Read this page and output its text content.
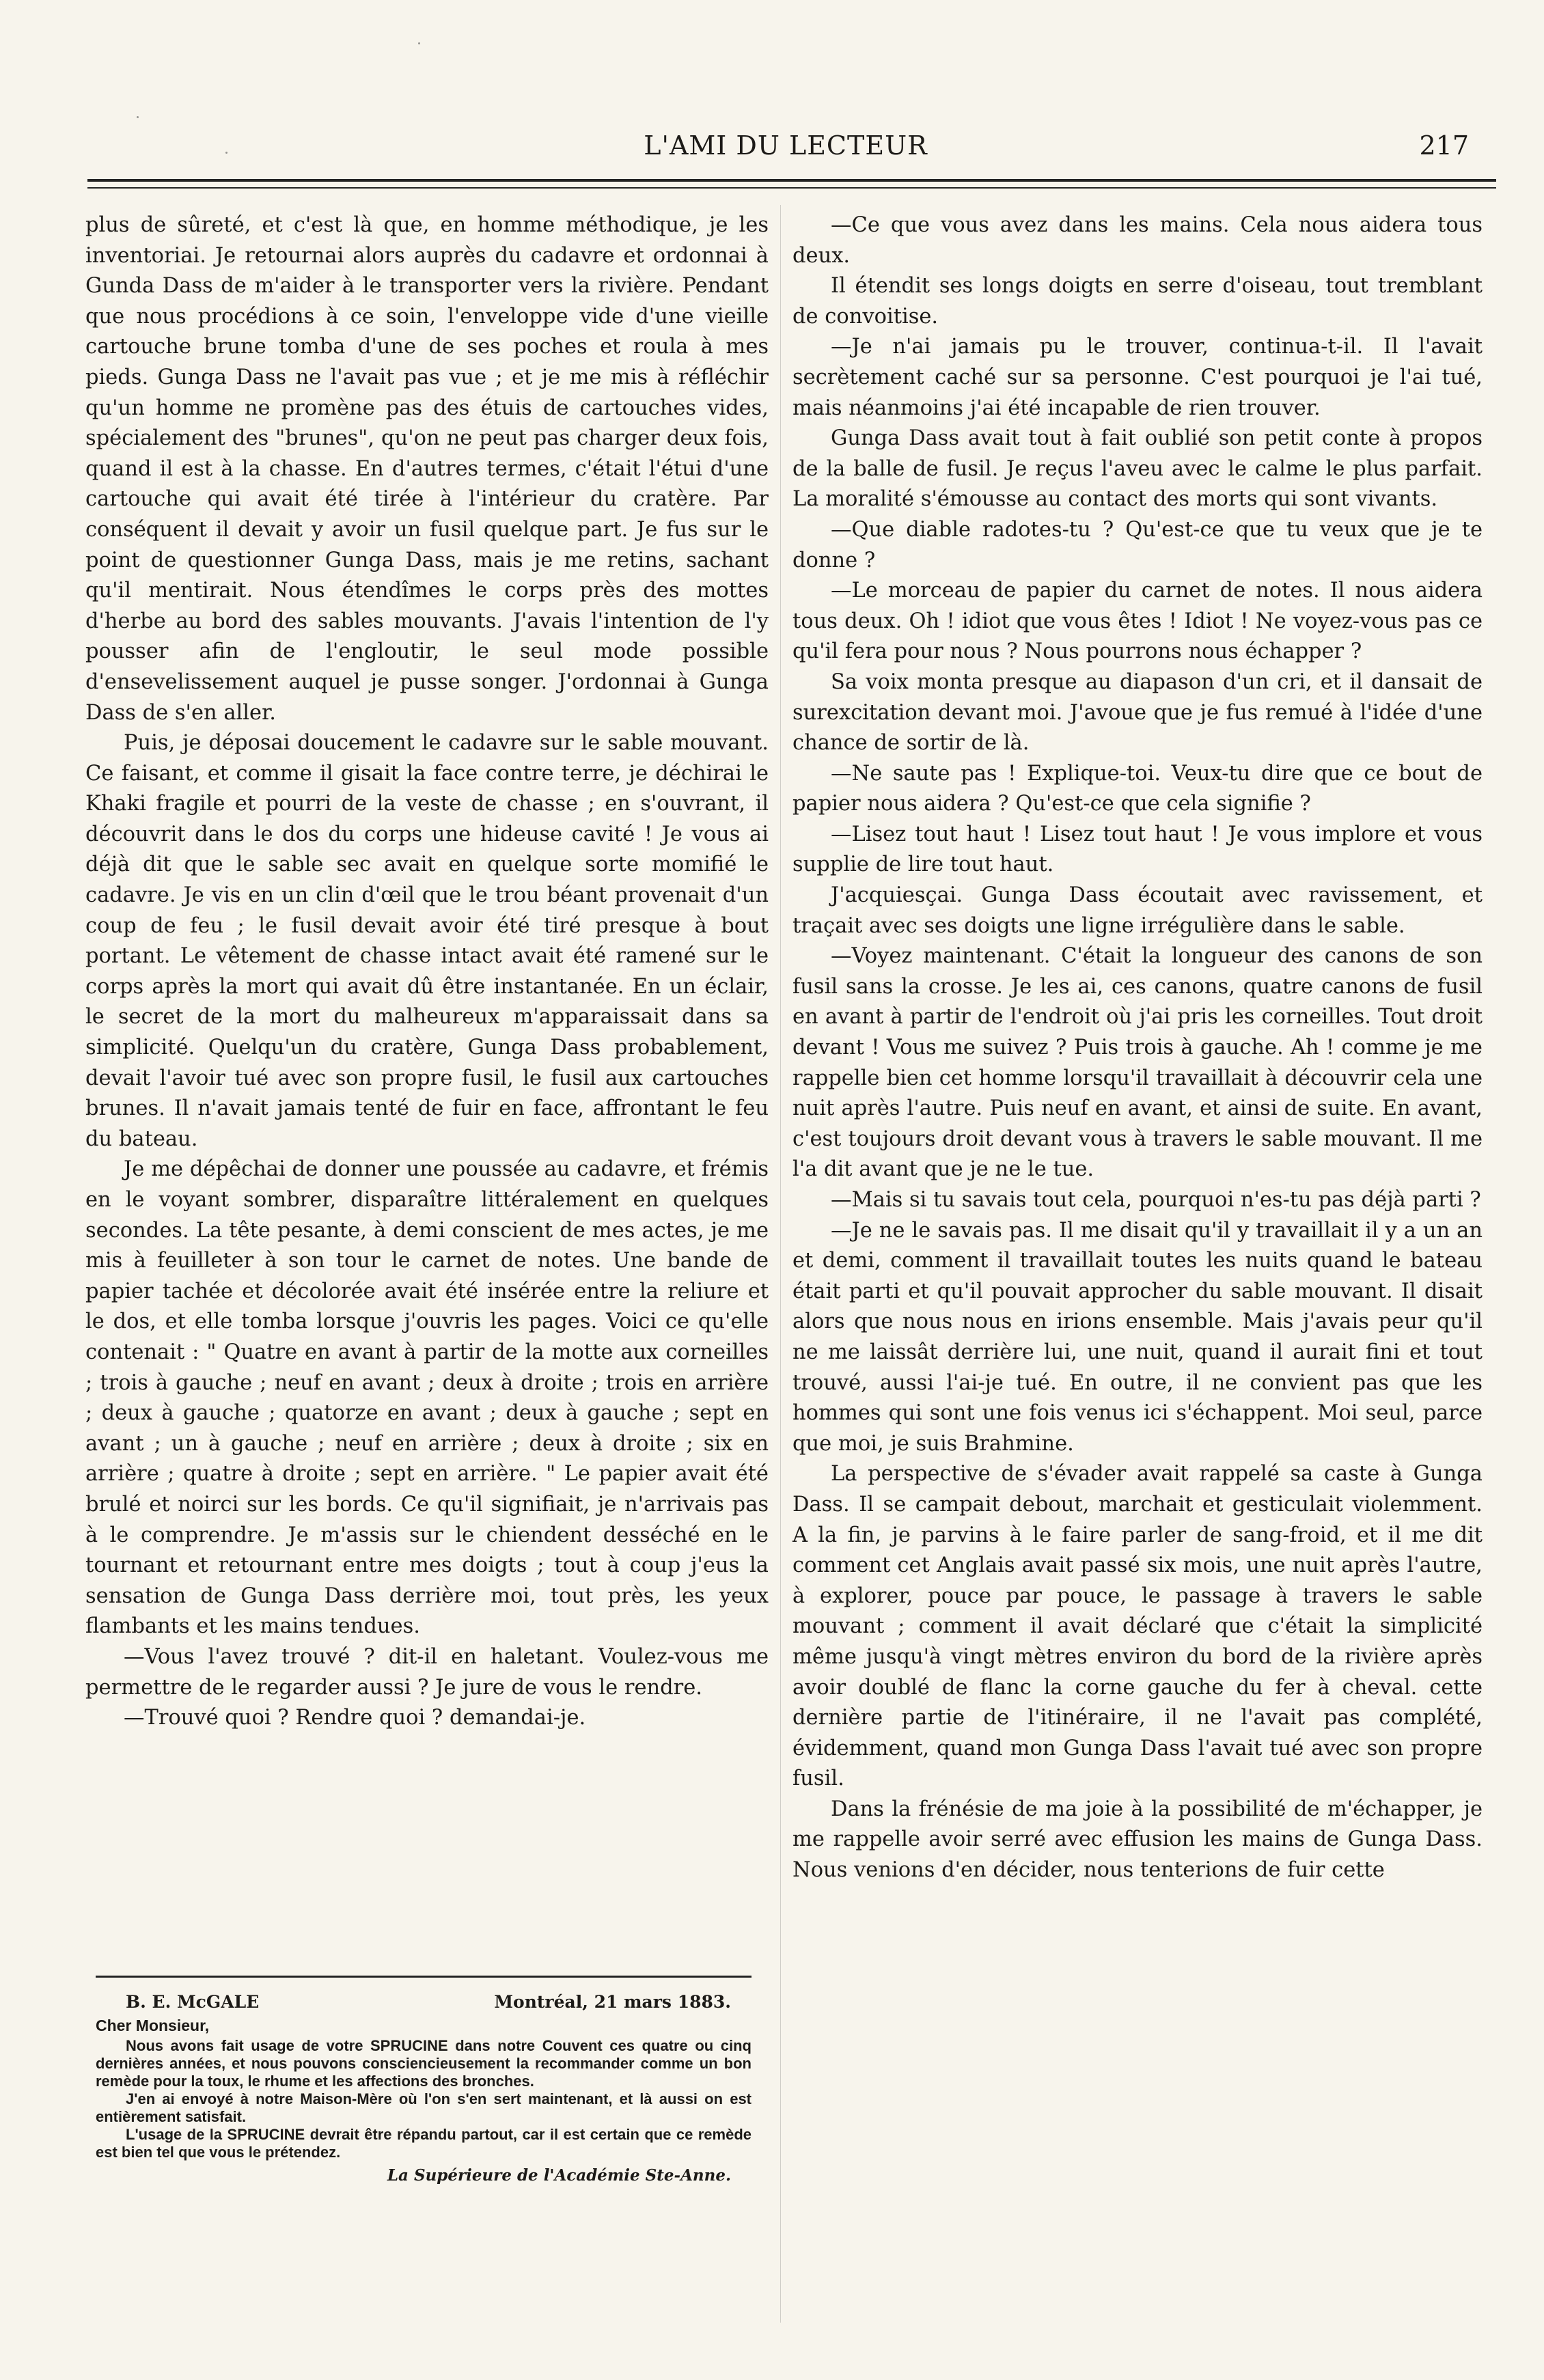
L'AMI DU LECTEUR	217

plus de sûreté, et c'est là que, en homme méthodique, je les inventoriai. Je retournai alors auprès du cadavre et ordonnai à Gunda Dass de m'aider à le transporter vers la rivière. Pendant que nous procédions à ce soin, l'enveloppe vide d'une vieille cartouche brune tomba d'une de ses poches et roula à mes pieds. Gunga Dass ne l'avait pas vue ; et je me mis à réfléchir qu'un homme ne promène pas des étuis de cartouches vides, spécialement des "brunes", qu'on ne peut pas charger deux fois, quand il est à la chasse. En d'autres termes, c'était l'étui d'une cartouche qui avait été tirée à l'intérieur du cratère. Par conséquent il devait y avoir un fusil quelque part. Je fus sur le point de questionner Gunga Dass, mais je me retins, sachant qu'il mentirait. Nous étendîmes le corps près des mottes d'herbe au bord des sables mouvants. J'avais l'intention de l'y pousser afin de l'engloutir, le seul mode possible d'ensevelissement auquel je pusse songer. J'ordonnai à Gunga Dass de s'en aller.

Puis, je déposai doucement le cadavre sur le sable mouvant. Ce faisant, et comme il gisait la face contre terre, je déchirai le Khaki fragile et pourri de la veste de chasse ; en s'ouvrant, il découvrit dans le dos du corps une hideuse cavité ! Je vous ai déjà dit que le sable sec avait en quelque sorte momifié le cadavre. Je vis en un clin d'œil que le trou béant provenait d'un coup de feu ; le fusil devait avoir été tiré presque à bout portant. Le vêtement de chasse intact avait été ramené sur le corps après la mort qui avait dû être instantanée. En un éclair, le secret de la mort du malheureux m'apparaissait dans sa simplicité. Quelqu'un du cratère, Gunga Dass probablement, devait l'avoir tué avec son propre fusil, le fusil aux cartouches brunes. Il n'avait jamais tenté de fuir en face, affrontant le feu du bateau.

Je me dépêchai de donner une poussée au cadavre, et frémis en le voyant sombrer, disparaître littéralement en quelques secondes. La tête pesante, à demi conscient de mes actes, je me mis à feuilleter à son tour le carnet de notes. Une bande de papier tachée et décolorée avait été insérée entre la reliure et le dos, et elle tomba lorsque j'ouvris les pages. Voici ce qu'elle contenait : " Quatre en avant à partir de la motte aux corneilles ; trois à gauche ; neuf en avant ; deux à droite ; trois en arrière ; deux à gauche ; quatorze en avant ; deux à gauche ; sept en avant ; un à gauche ; neuf en arrière ; deux à droite ; six en arrière ; quatre à droite ; sept en arrière. " Le papier avait été brulé et noirci sur les bords. Ce qu'il signifiait, je n'arrivais pas à le comprendre. Je m'assis sur le chiendent desséché en le tournant et retournant entre mes doigts ; tout à coup j'eus la sensation de Gunga Dass derrière moi, tout près, les yeux flambants et les mains tendues.

—Vous l'avez trouvé ? dit-il en haletant. Voulez-vous me permettre de le regarder aussi ? Je jure de vous le rendre.

—Trouvé quoi ? Rendre quoi ? demandai-je.

B. E. McGALE	Montréal, 21 mars 1883.
Cher Monsieur,

Nous avons fait usage de votre SPRUCINE dans notre Couvent ces quatre ou cinq dernières années, et nous pouvons consciencieusement la recommander comme un bon remède pour la toux, le rhume et les affections des bronches.

J'en ai envoyé à notre Maison-Mère où l'on s'en sert maintenant, et là aussi on est entièrement satisfait.

L'usage de la SPRUCINE devrait être répandu partout, car il est certain que ce remède est bien tel que vous le prétendez.

La Supérieure de l'Académie Ste-Anne.

—Ce que vous avez dans les mains. Cela nous aidera tous deux.

Il étendit ses longs doigts en serre d'oiseau, tout tremblant de convoitise.

—Je n'ai jamais pu le trouver, continua-t-il. Il l'avait secrètement caché sur sa personne. C'est pourquoi je l'ai tué, mais néanmoins j'ai été incapable de rien trouver.

Gunga Dass avait tout à fait oublié son petit conte à propos de la balle de fusil. Je reçus l'aveu avec le calme le plus parfait. La moralité s'émousse au contact des morts qui sont vivants.

—Que diable radotes-tu ? Qu'est-ce que tu veux que je te donne ?

—Le morceau de papier du carnet de notes. Il nous aidera tous deux. Oh ! idiot que vous êtes ! Idiot ! Ne voyez-vous pas ce qu'il fera pour nous ? Nous pourrons nous échapper ?

Sa voix monta presque au diapason d'un cri, et il dansait de surexcitation devant moi. J'avoue que je fus remué à l'idée d'une chance de sortir de là.

—Ne saute pas ! Explique-toi. Veux-tu dire que ce bout de papier nous aidera ? Qu'est-ce que cela signifie ?

—Lisez tout haut ! Lisez tout haut ! Je vous implore et vous supplie de lire tout haut.

J'acquiesçai. Gunga Dass écoutait avec ravissement, et traçait avec ses doigts une ligne irrégulière dans le sable.

—Voyez maintenant. C'était la longueur des canons de son fusil sans la crosse. Je les ai, ces canons, quatre canons de fusil en avant à partir de l'endroit où j'ai pris les corneilles. Tout droit devant ! Vous me suivez ? Puis trois à gauche. Ah ! comme je me rappelle bien cet homme lorsqu'il travaillait à découvrir cela une nuit après l'autre. Puis neuf en avant, et ainsi de suite. En avant, c'est toujours droit devant vous à travers le sable mouvant. Il me l'a dit avant que je ne le tue.

—Mais si tu savais tout cela, pourquoi n'es-tu pas déjà parti ?

—Je ne le savais pas. Il me disait qu'il y travaillait il y a un an et demi, comment il travaillait toutes les nuits quand le bateau était parti et qu'il pouvait approcher du sable mouvant. Il disait alors que nous nous en irions ensemble. Mais j'avais peur qu'il ne me laissât derrière lui, une nuit, quand il aurait fini et tout trouvé, aussi l'ai-je tué. En outre, il ne convient pas que les hommes qui sont une fois venus ici s'échappent. Moi seul, parce que moi, je suis Brahmine.

La perspective de s'évader avait rappelé sa caste à Gunga Dass. Il se campait debout, marchait et gesticulait violemment. A la fin, je parvins à le faire parler de sang-froid, et il me dit comment cet Anglais avait passé six mois, une nuit après l'autre, à explorer, pouce par pouce, le passage à travers le sable mouvant ; comment il avait déclaré que c'était la simplicité même jusqu'à vingt mètres environ du bord de la rivière après avoir doublé de flanc la corne gauche du fer à cheval. cette dernière partie de l'itinéraire, il ne l'avait pas complété, évidemment, quand mon Gunga Dass l'avait tué avec son propre fusil.

Dans la frénésie de ma joie à la possibilité de m'échapper, je me rappelle avoir serré avec effusion les mains de Gunga Dass. Nous venions d'en décider, nous tenterions de fuir cette
